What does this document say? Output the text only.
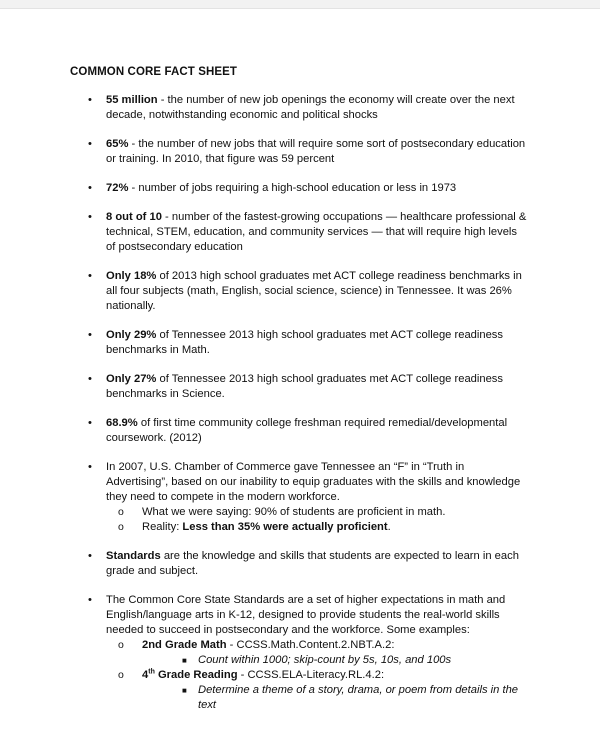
COMMON CORE FACT SHEET
• 55 million - the number of new job openings the economy will create over the next decade, notwithstanding economic and political shocks
• 65% - the number of new jobs that will require some sort of postsecondary education or training. In 2010, that figure was 59 percent
• 72% - number of jobs requiring a high-school education or less in 1973
• 8 out of 10 - number of the fastest-growing occupations — healthcare professional & technical, STEM, education, and community services — that will require high levels of postsecondary education
• Only 18% of 2013 high school graduates met ACT college readiness benchmarks in all four subjects (math, English, social science, science) in Tennessee. It was 26% nationally.
• Only 29% of Tennessee 2013 high school graduates met ACT college readiness benchmarks in Math.
• Only 27% of Tennessee 2013 high school graduates met ACT college readiness benchmarks in Science.
• 68.9% of first time community college freshman required remedial/developmental coursework. (2012)
• In 2007, U.S. Chamber of Commerce gave Tennessee an “F” in “Truth in Advertising”, based on our inability to equip graduates with the skills and knowledge they need to compete in the modern workforce.
o What we were saying: 90% of students are proficient in math.
o Reality: Less than 35% were actually proficient.
• Standards are the knowledge and skills that students are expected to learn in each grade and subject.
• The Common Core State Standards are a set of higher expectations in math and English/language arts in K-12, designed to provide students the real-world skills needed to succeed in postsecondary and the workforce. Some examples:
o 2nd Grade Math - CCSS.Math.Content.2.NBT.A.2:
■ Count within 1000; skip-count by 5s, 10s, and 100s
o 4th Grade Reading - CCSS.ELA-Literacy.RL.4.2:
■ Determine a theme of a story, drama, or poem from details in the text
